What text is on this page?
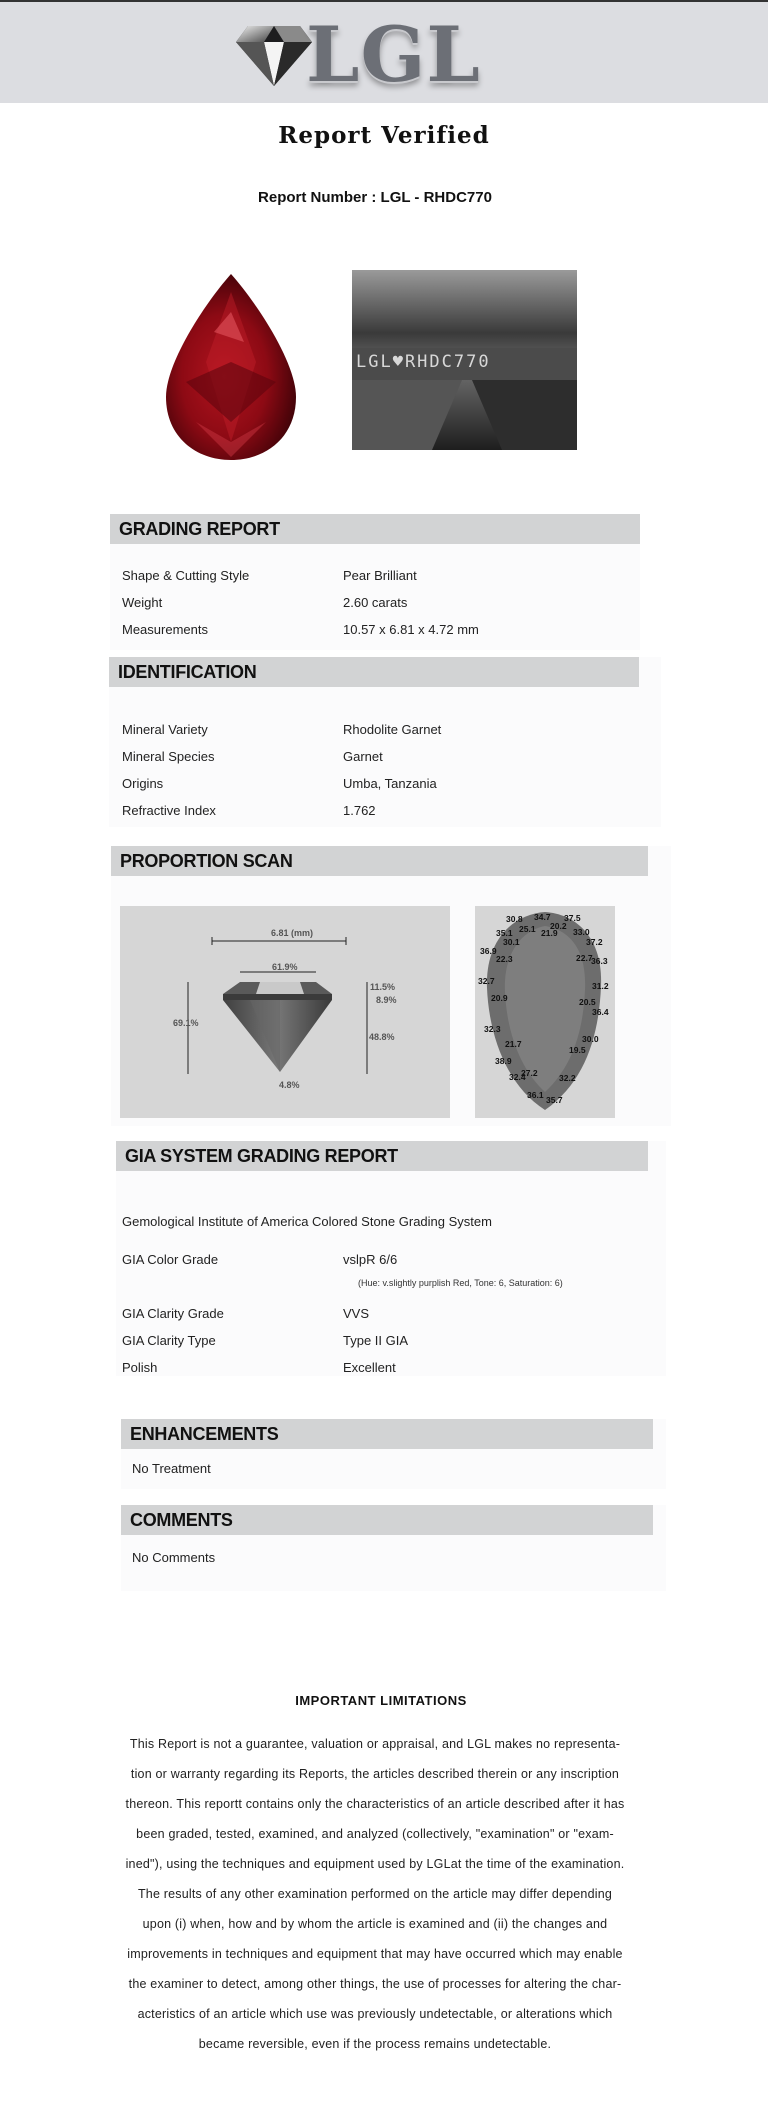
LGL
Report Verified
Report Number : LGL - RHDC770
LGL♥RHDC770
GRADING REPORT
Shape & Cutting Style	Pear Brilliant
Weight	2.60 carats
Measurements	10.57 x 6.81 x 4.72 mm
IDENTIFICATION
Mineral Variety	Rhodolite Garnet
Mineral Species	Garnet
Origins	Umba, Tanzania
Refractive Index	1.762
PROPORTION SCAN
6.81 (mm)
61.9%
69.1%
11.5%
8.9%
48.8%
4.8%
30.8 34.7 37.5
35.1 25.1 20.2
33.0
30.1
21.9
37.2
36.9
22.3	22.7
36.3
32.7	31.2
20.9	20.5
36.4
32.3
21.7	30.0
19.5
38.9
27.2
32.4	32.2
36.1 35.7
GIA SYSTEM GRADING REPORT
Gemological Institute of America Colored Stone Grading System
GIA Color Grade	vslpR 6/6
(Hue: v.slightly purplish Red, Tone: 6, Saturation: 6)
GIA Clarity Grade	VVS
GIA Clarity Type	Type II GIA
Polish	Excellent
ENHANCEMENTS
No Treatment
COMMENTS
No Comments
IMPORTANT LIMITATIONS
This Report is not a guarantee, valuation or appraisal, and LGL makes no representa-
tion or warranty regarding its Reports, the articles described therein or any inscription
thereon. This reportt contains only the characteristics of an article described after it has
been graded, tested, examined, and analyzed (collectively, "examination" or "exam-
ined"), using the techniques and equipment used by LGLat the time of the examination.
The results of any other examination performed on the article may differ depending
upon (i) when, how and by whom the article is examined and (ii) the changes and
improvements in techniques and equipment that may have occurred which may enable
the examiner to detect, among other things, the use of processes for altering the char-
acteristics of an article which use was previously undetectable, or alterations which
became reversible, even if the process remains undetectable.
